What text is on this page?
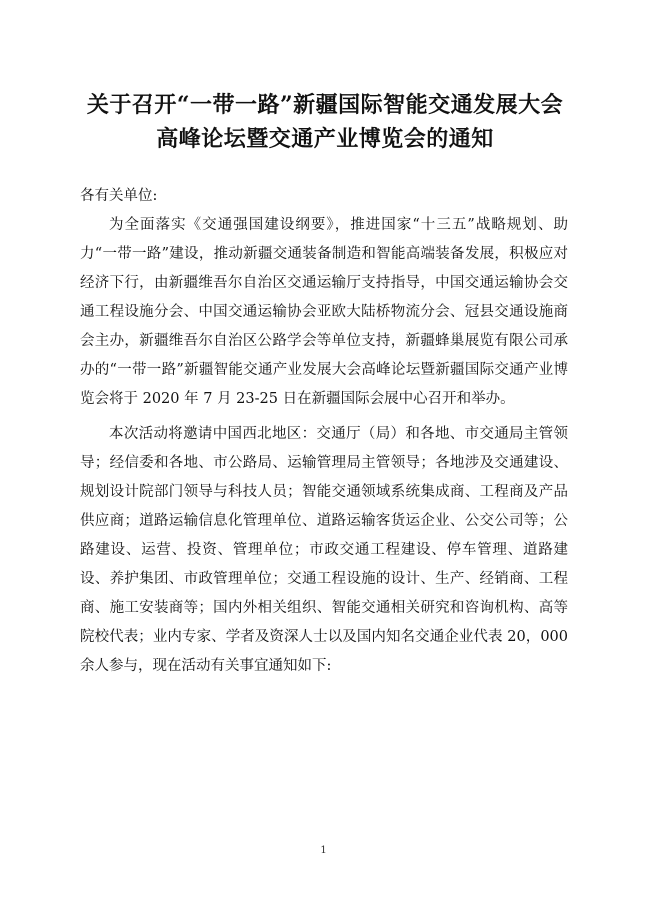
关于召开“一带一路”新疆国际智能交通发展大会高峰论坛暨交通产业博览会的通知

各有关单位:

为全面落实《交通强国建设纲要》，推进国家“十三五”战略规划、助力“一带一路”建设，推动新疆交通装备制造和智能高端装备发展，积极应对经济下行，由新疆维吾尔自治区交通运输厅支持指导，中国交通运输协会交通工程设施分会、中国交通运输协会亚欧大陆桥物流分会、冠县交通设施商会主办，新疆维吾尔自治区公路学会等单位支持，新疆蜂巢展览有限公司承办的“一带一路”新疆智能交通产业发展大会高峰论坛暨新疆国际交通产业博览会将于 2020 年 7 月 23-25 日在新疆国际会展中心召开和举办。

本次活动将邀请中国西北地区：交通厅（局）和各地、市交通局主管领导；经信委和各地、市公路局、运输管理局主管领导；各地涉及交通建设、规划设计院部门领导与科技人员；智能交通领域系统集成商、工程商及产品供应商；道路运输信息化管理单位、道路运输客货运企业、公交公司等；公路建设、运营、投资、管理单位；市政交通工程建设、停车管理、道路建设、养护集团、市政管理单位；交通工程设施的设计、生产、经销商、工程商、施工安装商等；国内外相关组织、智能交通相关研究和咨询机构、高等院校代表；业内专家、学者及资深人士以及国内知名交通企业代表 20，000 余人参与，现在活动有关事宜通知如下:

1
